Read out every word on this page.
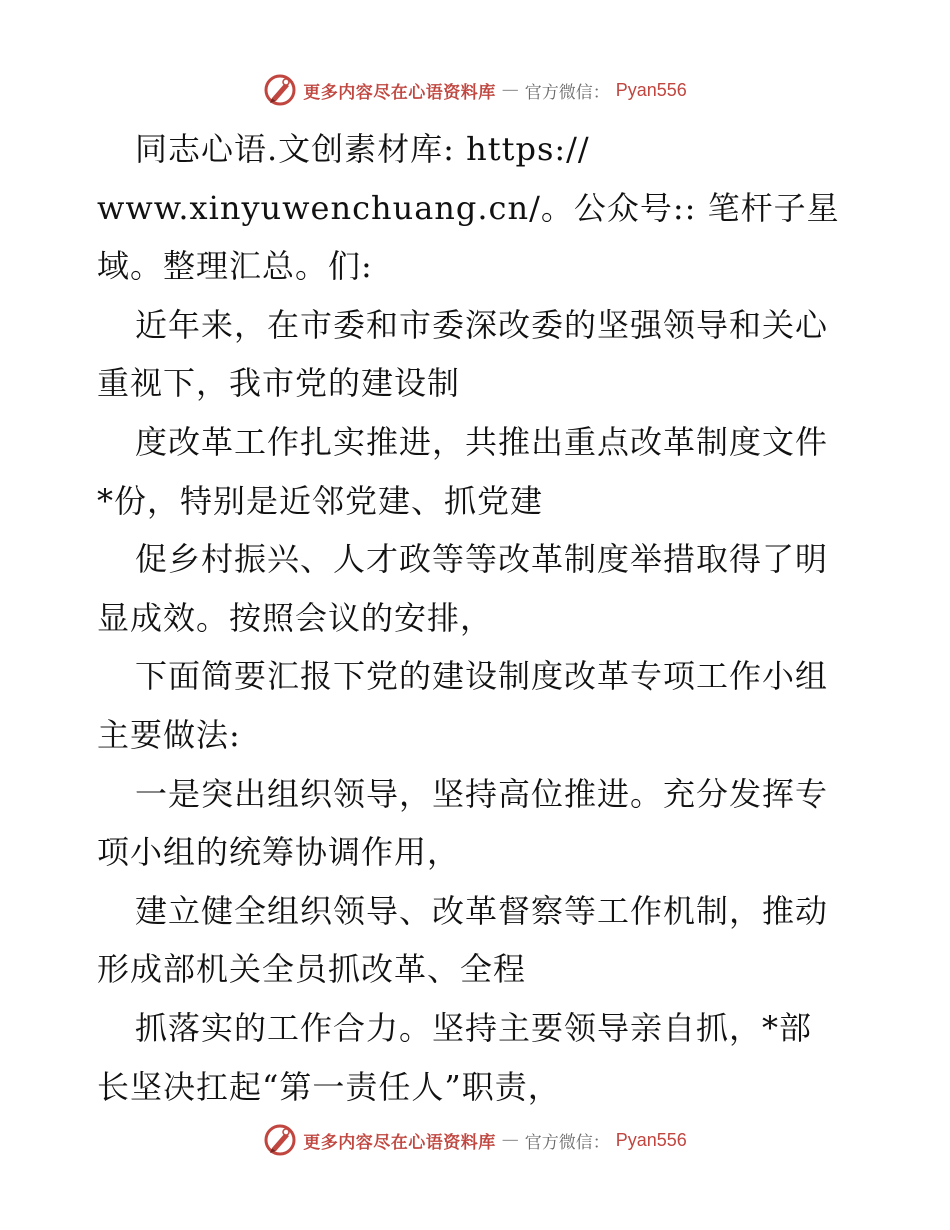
更多内容尽在心语资料库 — 官方微信： Pyan556
同志心语.文创素材库: https://
www.xinyuwenchuang.cn/。公众号:: 笔杆子星
域。整理汇总。们:
近年来，在市委和市委深改委的坚强领导和关心
重视下，我市党的建设制
度改革工作扎实推进，共推出重点改革制度文件
*份，特别是近邻党建、抓党建
促乡村振兴、人才政等等改革制度举措取得了明
显成效。按照会议的安排，
下面简要汇报下党的建设制度改革专项工作小组
主要做法:
一是突出组织领导，坚持高位推进。充分发挥专
项小组的统筹协调作用，
建立健全组织领导、改革督察等工作机制，推动
形成部机关全员抓改革、全程
抓落实的工作合力。坚持主要领导亲自抓，*部
长坚决扛起“第一责任人”职责，
更多内容尽在心语资料库 — 官方微信： Pyan556
